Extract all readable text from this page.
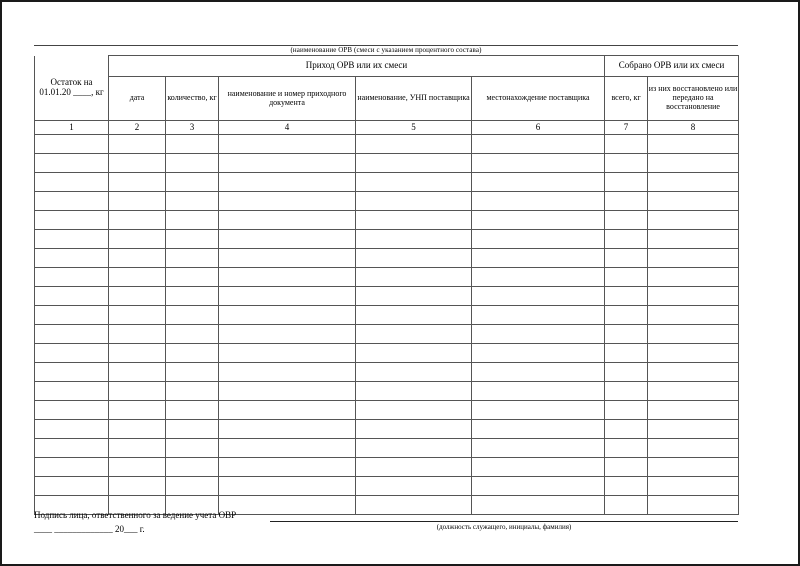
(наименование ОРВ (смеси с указанием процентного состава)
Остаток на 01.01.20 ____, кг	Приход ОРВ или их смеси					Собрано ОРВ или их смеси	
	дата	количество, кг	наименование и номер приходного документа	наименование, УНП поставщика	местонахождение поставщика	всего, кг	из них восстановлено или передано на восстановление
1	2	3	4	5	6	7	8

Подпись лица, ответственного за ведение учета ОВР
(должность служащего, инициалы, фамилия)
____ _____________ 20___ г.
